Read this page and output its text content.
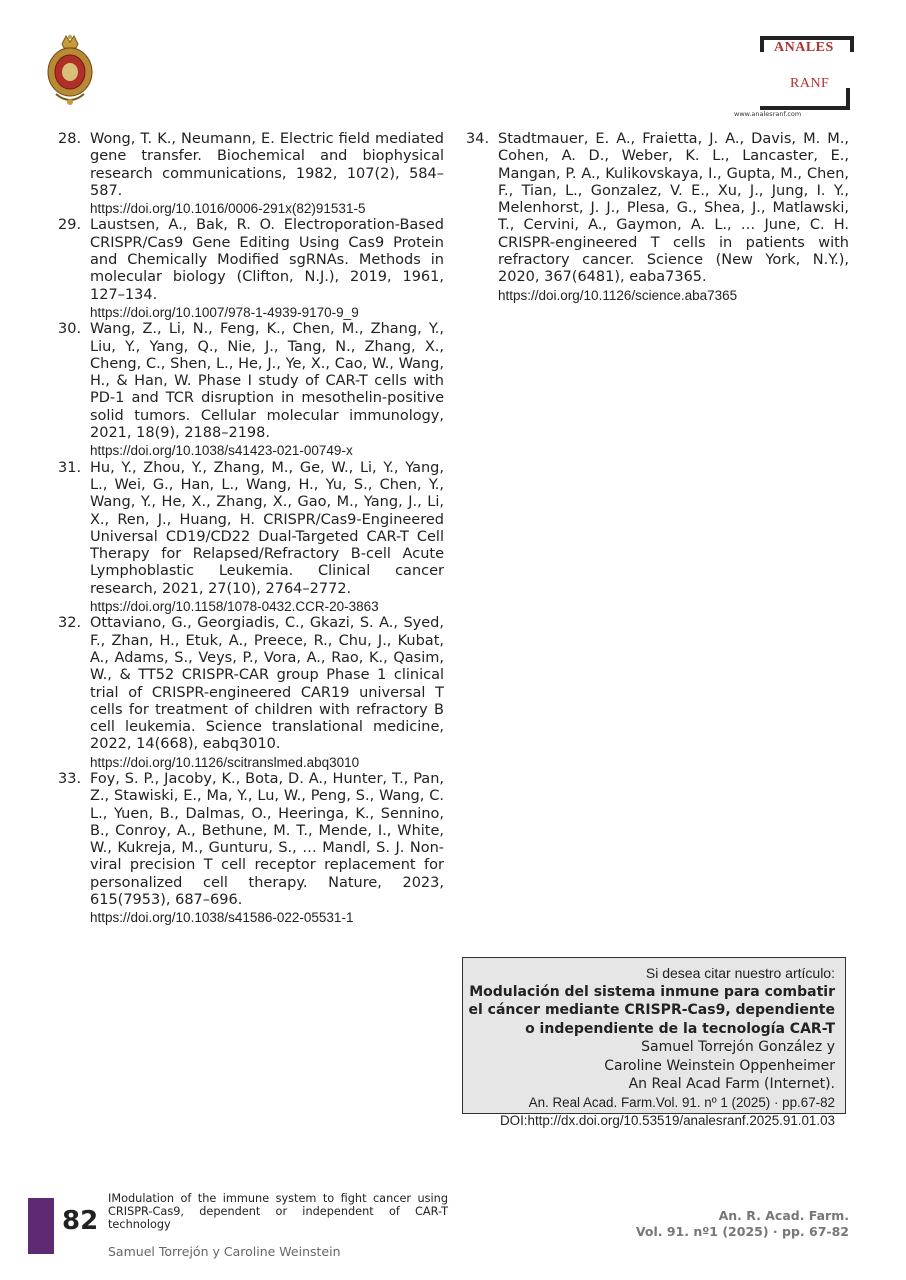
ANALES
RANF
www.analesranf.com
28. Wong, T. K., Neumann, E. Electric field mediated gene transfer. Biochemical and biophysical research communications, 1982, 107(2), 584–587.
https://doi.org/10.1016/0006-291x(82)91531-5
29. Laustsen, A., Bak, R. O. Electroporation-Based CRISPR/Cas9 Gene Editing Using Cas9 Protein and Chemically Modified sgRNAs. Methods in molecular biology (Clifton, N.J.), 2019, 1961, 127–134.
https://doi.org/10.1007/978-1-4939-9170-9_9
30. Wang, Z., Li, N., Feng, K., Chen, M., Zhang, Y., Liu, Y., Yang, Q., Nie, J., Tang, N., Zhang, X., Cheng, C., Shen, L., He, J., Ye, X., Cao, W., Wang, H., & Han, W. Phase I study of CAR-T cells with PD-1 and TCR disruption in mesothelin-positive solid tumors. Cellular molecular immunology, 2021, 18(9), 2188–2198.
https://doi.org/10.1038/s41423-021-00749-x
31. Hu, Y., Zhou, Y., Zhang, M., Ge, W., Li, Y., Yang, L., Wei, G., Han, L., Wang, H., Yu, S., Chen, Y., Wang, Y., He, X., Zhang, X., Gao, M., Yang, J., Li, X., Ren, J., Huang, H. CRISPR/Cas9-Engineered Universal CD19/CD22 Dual-Targeted CAR-T Cell Therapy for Relapsed/Refractory B-cell Acute Lymphoblastic Leukemia. Clinical cancer research, 2021, 27(10), 2764–2772.
https://doi.org/10.1158/1078-0432.CCR-20-3863
32. Ottaviano, G., Georgiadis, C., Gkazi, S. A., Syed, F., Zhan, H., Etuk, A., Preece, R., Chu, J., Kubat, A., Adams, S., Veys, P., Vora, A., Rao, K., Qasim, W., & TT52 CRISPR-CAR group Phase 1 clinical trial of CRISPR-engineered CAR19 universal T cells for treatment of children with refractory B cell leukemia. Science translational medicine, 2022, 14(668), eabq3010.
https://doi.org/10.1126/scitranslmed.abq3010
33. Foy, S. P., Jacoby, K., Bota, D. A., Hunter, T., Pan, Z., Stawiski, E., Ma, Y., Lu, W., Peng, S., Wang, C. L., Yuen, B., Dalmas, O., Heeringa, K., Sennino, B., Conroy, A., Bethune, M. T., Mende, I., White, W., Kukreja, M., Gunturu, S., … Mandl, S. J. Non-viral precision T cell receptor replacement for personalized cell therapy. Nature, 2023, 615(7953), 687–696.
https://doi.org/10.1038/s41586-022-05531-1
34. Stadtmauer, E. A., Fraietta, J. A., Davis, M. M., Cohen, A. D., Weber, K. L., Lancaster, E., Mangan, P. A., Kulikovskaya, I., Gupta, M., Chen, F., Tian, L., Gonzalez, V. E., Xu, J., Jung, I. Y., Melenhorst, J. J., Plesa, G., Shea, J., Matlawski, T., Cervini, A., Gaymon, A. L., … June, C. H. CRISPR-engineered T cells in patients with refractory cancer. Science (New York, N.Y.), 2020, 367(6481), eaba7365.
https://doi.org/10.1126/science.aba7365
Si desea citar nuestro artículo:
Modulación del sistema inmune para combatir el cáncer mediante CRISPR-Cas9, dependiente o independiente de la tecnología CAR-T
Samuel Torrejón González y
Caroline Weinstein Oppenheimer
An Real Acad Farm (Internet).
An. Real Acad. Farm.Vol. 91. nº 1 (2025) · pp.67-82
DOI:http://dx.doi.org/10.53519/analesranf.2025.91.01.03
82
IModulation of the immune system to fight cancer using CRISPR-Cas9, dependent or independent of CAR-T technology
Samuel Torrejón y Caroline Weinstein
An. R. Acad. Farm.
Vol. 91. nº1 (2025) · pp. 67-82
